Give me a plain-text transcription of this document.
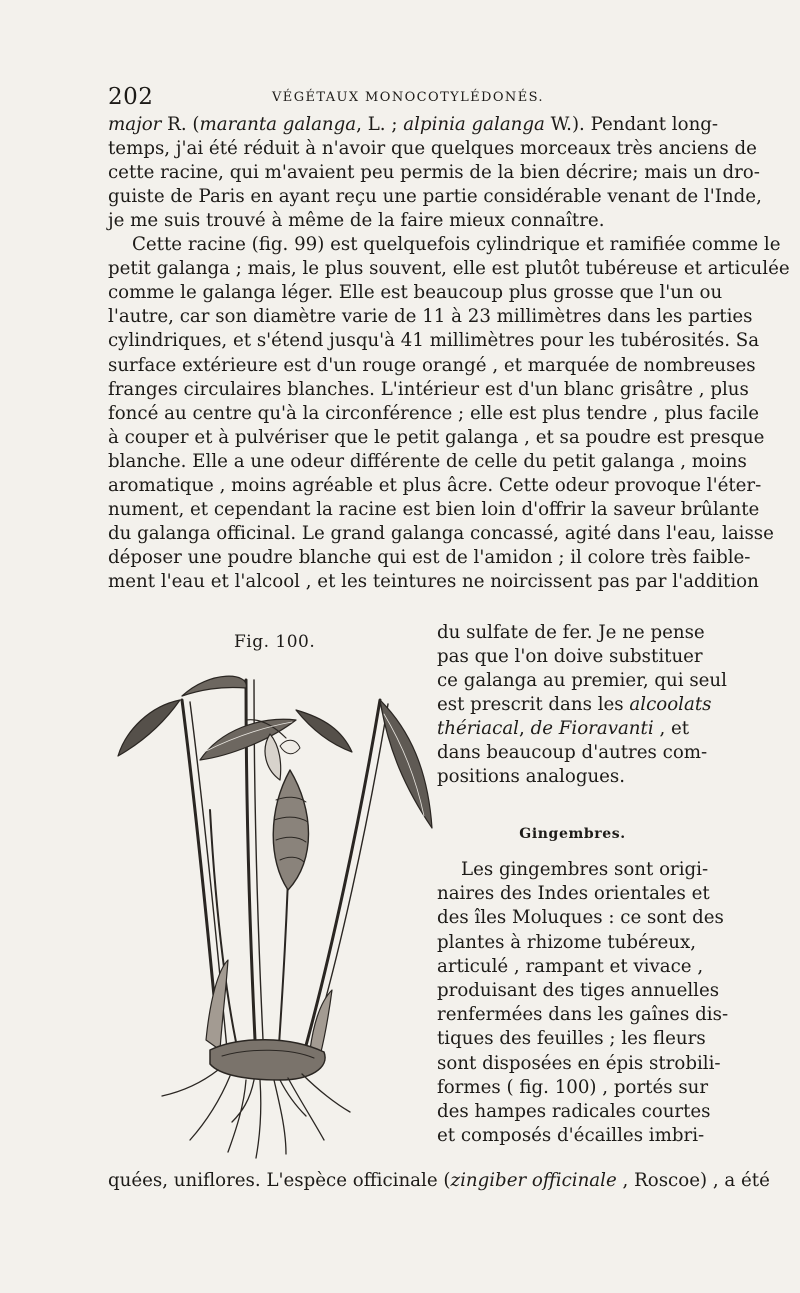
202	VÉGÉTAUX MONOCOTYLÉDONÉS.
major R. (maranta galanga, L. ; alpinia galanga W.). Pendant long-
temps, j'ai été réduit à n'avoir que quelques morceaux très anciens de
cette racine, qui m'avaient peu permis de la bien décrire; mais un dro-
guiste de Paris en ayant reçu une partie considérable venant de l'Inde,
je me suis trouvé à même de la faire mieux connaître.
Cette racine (fig. 99) est quelquefois cylindrique et ramifiée comme le
petit galanga ; mais, le plus souvent, elle est plutôt tubéreuse et articulée
comme le galanga léger. Elle est beaucoup plus grosse que l'un ou
l'autre, car son diamètre varie de 11 à 23 millimètres dans les parties
cylindriques, et s'étend jusqu'à 41 millimètres pour les tubérosités. Sa
surface extérieure est d'un rouge orangé , et marquée de nombreuses
franges circulaires blanches. L'intérieur est d'un blanc grisâtre , plus
foncé au centre qu'à la circonférence ; elle est plus tendre , plus facile
à couper et à pulvériser que le petit galanga , et sa poudre est presque
blanche. Elle a une odeur différente de celle du petit galanga , moins
aromatique , moins agréable et plus âcre. Cette odeur provoque l'éter-
nument, et cependant la racine est bien loin d'offrir la saveur brûlante
du galanga officinal. Le grand galanga concassé, agité dans l'eau, laisse
déposer une poudre blanche qui est de l'amidon ; il colore très faible-
ment l'eau et l'alcool , et les teintures ne noircissent pas par l'addition
Fig. 100.	du sulfate de fer. Je ne pense
pas que l'on doive substituer
ce galanga au premier, qui seul
est prescrit dans les alcoolats
thériacal, de Fioravanti , et
dans beaucoup d'autres com-
positions analogues.
Gingembres.
Les gingembres sont origi-
naires des Indes orientales et
des îles Moluques : ce sont des
plantes à rhizome tubéreux,
articulé , rampant et vivace ,
produisant des tiges annuelles
renfermées dans les gaînes dis-
tiques des feuilles ; les fleurs
sont disposées en épis strobili-
formes ( fig. 100) , portés sur
des hampes radicales courtes
et composés d'écailles imbri-
quées, uniflores. L'espèce officinale (zingiber officinale , Roscoe) , a été
